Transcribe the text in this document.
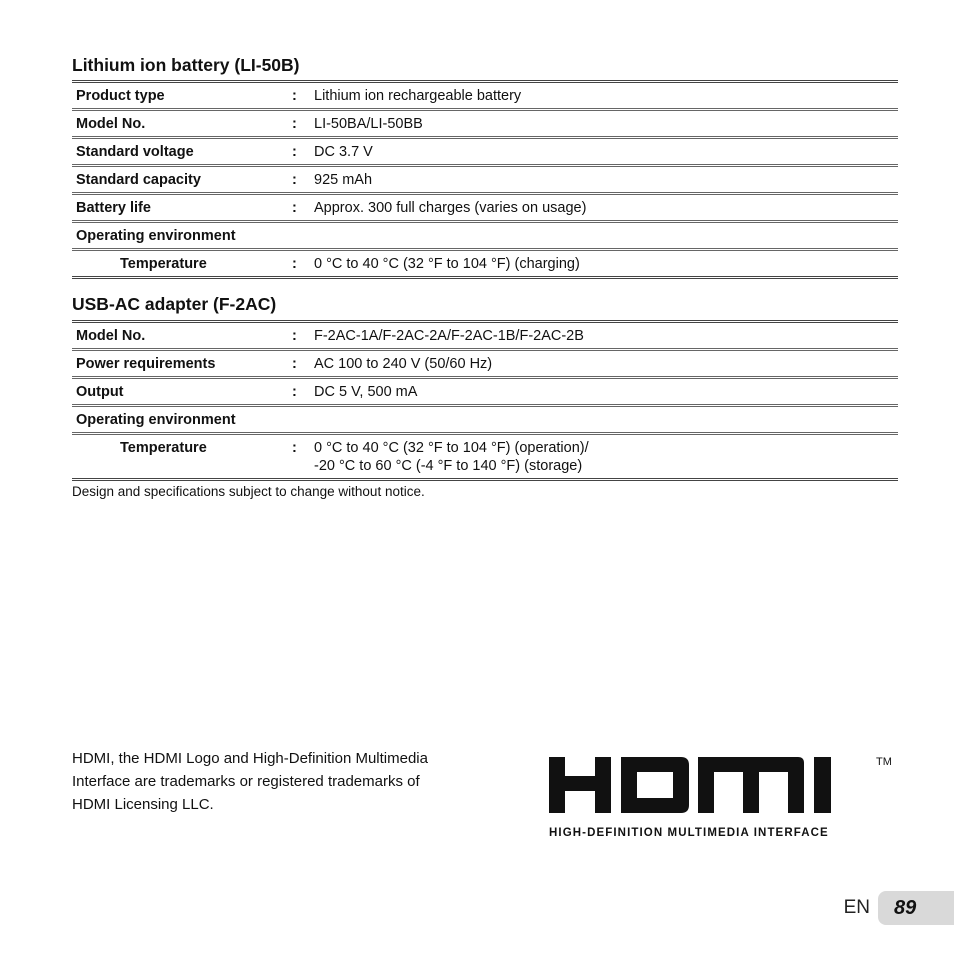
Lithium ion battery (LI-50B)
Product type	:	Lithium ion rechargeable battery
Model No.	:	LI-50BA/LI-50BB
Standard voltage	:	DC 3.7 V
Standard capacity	:	925 mAh
Battery life	:	Approx. 300 full charges (varies on usage)
Operating environment		
Temperature	:	0 °C to 40 °C (32 °F to 104 °F) (charging)
USB-AC adapter (F-2AC)
Model No.	:	F-2AC-1A/F-2AC-2A/F-2AC-1B/F-2AC-2B
Power requirements	:	AC 100 to 240 V (50/60 Hz)
Output	:	DC 5 V, 500 mA
Operating environment		
Temperature	:	0 °C to 40 °C (32 °F to 104 °F) (operation)/
-20 °C to 60 °C (-4 °F to 140 °F) (storage)

Design and specifications subject to change without notice.

HDMI, the HDMI Logo and High-Definition Multimedia
Interface are trademarks or registered trademarks of
HDMI Licensing LLC.

TM
HIGH-DEFINITION MULTIMEDIA INTERFACE
EN	89
